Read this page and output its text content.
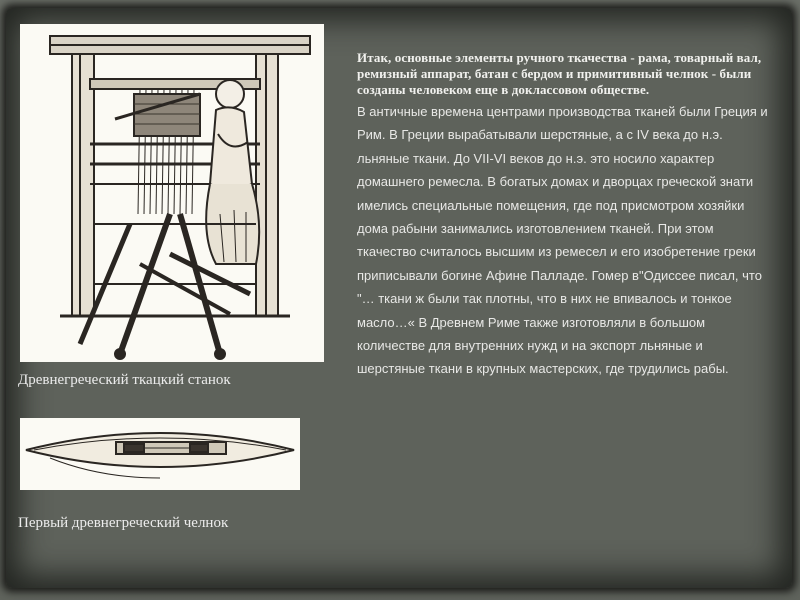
Древнегреческий ткацкий станок
Первый древнегреческий челнок

Итак, основные элементы ручного ткачества - рама, товарный вал, ремизный аппарат, батан с бердом и примитивный челнок - были созданы человеком еще в доклассовом обществе.

В античные времена центрами производства тканей были Греция и Рим. В Греции вырабатывали шерстяные, а с IV века до н.э. льняные ткани. До VII-VI веков до н.э. это носило характер домашнего ремесла. В богатых домах и дворцах греческой знати имелись специальные помещения, где под присмотром хозяйки дома рабыни занимались изготовлением тканей. При этом ткачество считалось высшим из ремесел и его изобретение греки приписывали богине Афине Палладе. Гомер в"Одиссее писал, что "… ткани ж были так плотны, что в них не впивалось и тонкое масло…« В Древнем Риме также изготовляли в большом количестве для внутренних нужд и на экспорт льняные и шерстяные ткани в крупных мастерских, где трудились рабы.
